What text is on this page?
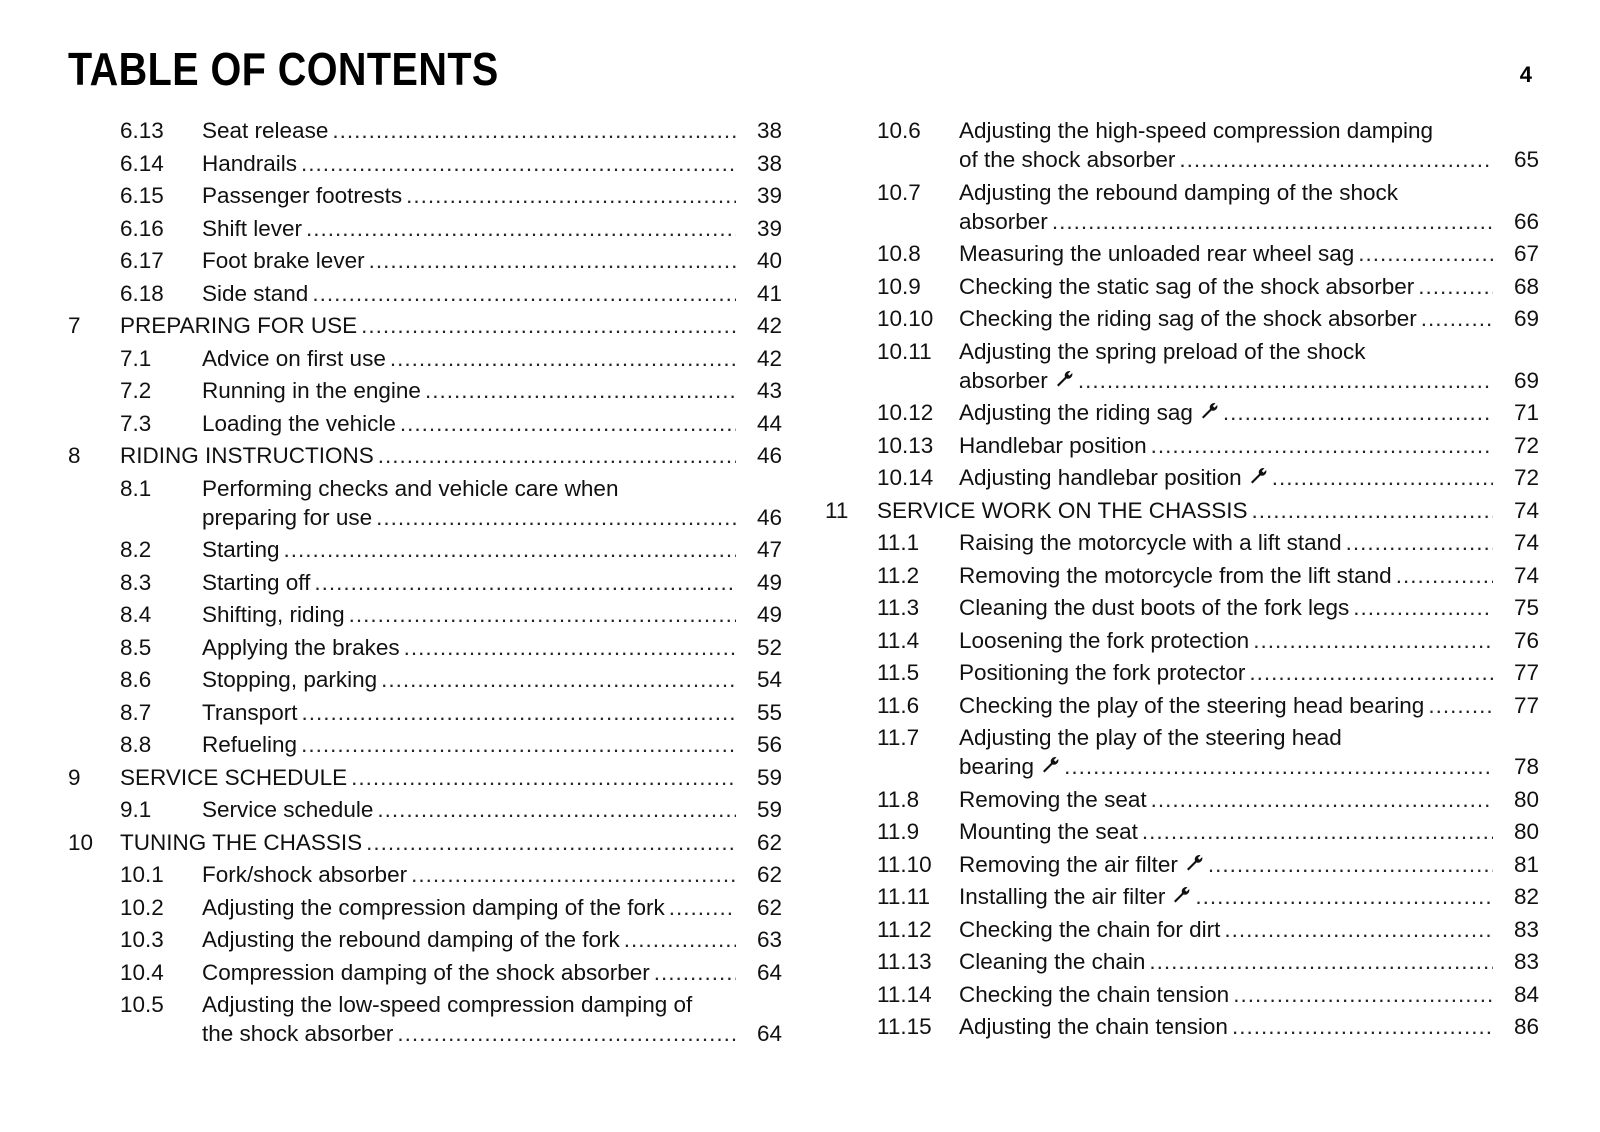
TABLE OF CONTENTS	4
6.13	Seat release .....	38
6.14	Handrails .....	38
6.15	Passenger footrests .....	39
6.16	Shift lever .....	39
6.17	Foot brake lever .....	40
6.18	Side stand .....	41
7	PREPARING FOR USE .....	42
7.1	Advice on first use .....	42
7.2	Running in the engine .....	43
7.3	Loading the vehicle .....	44
8	RIDING INSTRUCTIONS .....	46
8.1	Performing checks and vehicle care when
preparing for use .....	46
8.2	Starting .....	47
8.3	Starting off .....	49
8.4	Shifting, riding .....	49
8.5	Applying the brakes .....	52
8.6	Stopping, parking .....	54
8.7	Transport .....	55
8.8	Refueling .....	56
9	SERVICE SCHEDULE .....	59
9.1	Service schedule .....	59
10	TUNING THE CHASSIS .....	62
10.1	Fork/shock absorber .....	62
10.2	Adjusting the compression damping of the fork .....	62
10.3	Adjusting the rebound damping of the fork .....	63
10.4	Compression damping of the shock absorber .....	64
10.5	Adjusting the low-speed compression damping of
the shock absorber .....	64
10.6	Adjusting the high-speed compression damping
of the shock absorber .....	65
10.7	Adjusting the rebound damping of the shock
absorber .....	66
10.8	Measuring the unloaded rear wheel sag .....	67
10.9	Checking the static sag of the shock absorber .....	68
10.10	Checking the riding sag of the shock absorber .....	69
10.11	Adjusting the spring preload of the shock
absorber .....	69
10.12	Adjusting the riding sag .....	71
10.13	Handlebar position .....	72
10.14	Adjusting handlebar position .....	72
11	SERVICE WORK ON THE CHASSIS .....	74
11.1	Raising the motorcycle with a lift stand .....	74
11.2	Removing the motorcycle from the lift stand .....	74
11.3	Cleaning the dust boots of the fork legs .....	75
11.4	Loosening the fork protection .....	76
11.5	Positioning the fork protector .....	77
11.6	Checking the play of the steering head bearing .....	77
11.7	Adjusting the play of the steering head
bearing .....	78
11.8	Removing the seat .....	80
11.9	Mounting the seat .....	80
11.10	Removing the air filter .....	81
11.11	Installing the air filter .....	82
11.12	Checking the chain for dirt .....	83
11.13	Cleaning the chain .....	83
11.14	Checking the chain tension .....	84
11.15	Adjusting the chain tension .....	86
